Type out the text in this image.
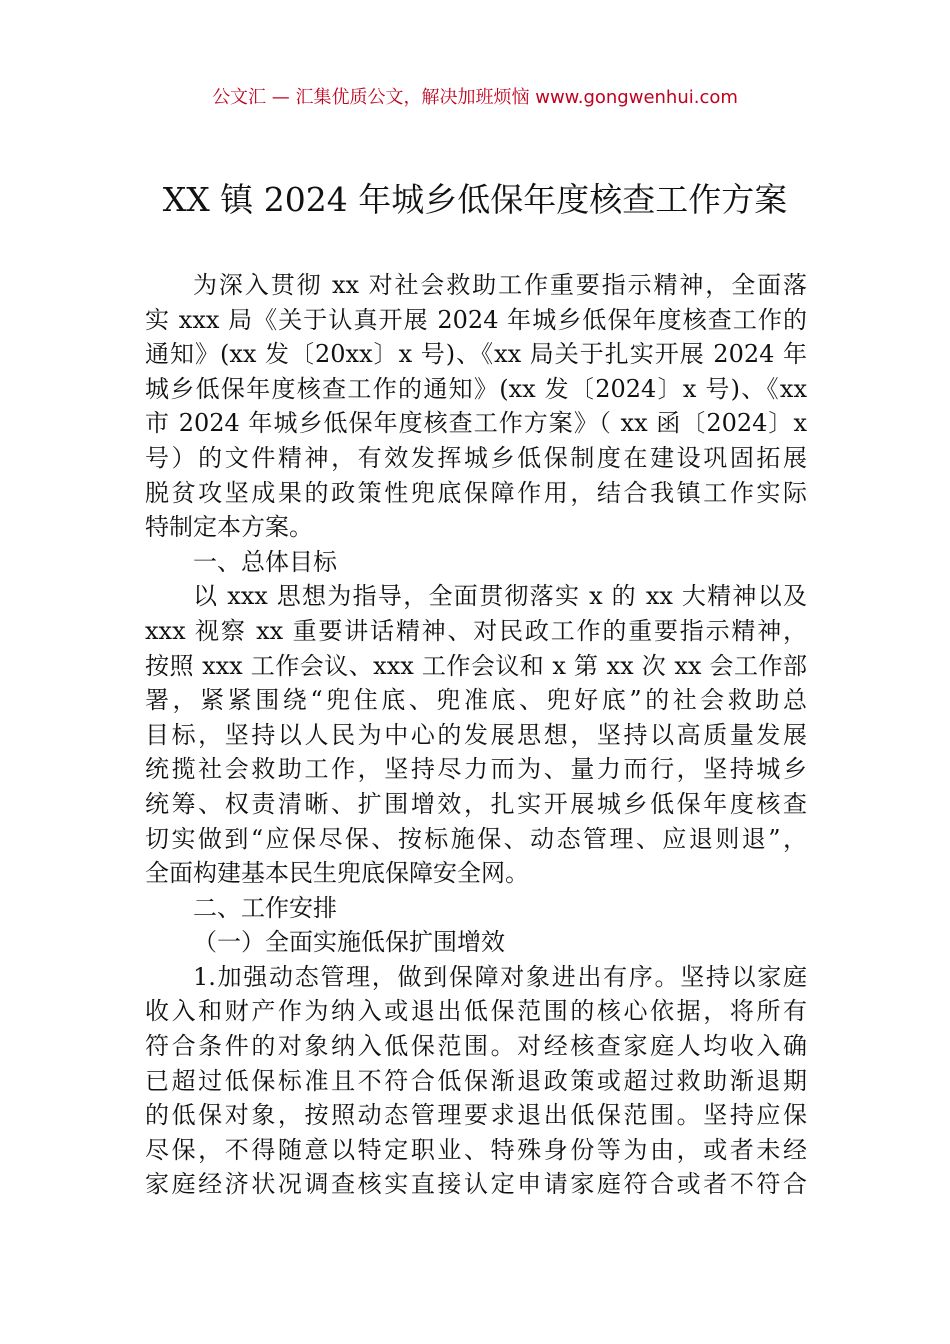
公文汇 — 汇集优质公文，解决加班烦恼 www.gongwenhui.com
XX 镇 2024 年城乡低保年度核查工作方案
为深入贯彻 xx 对社会救助工作重要指示精神，全面落
实 xxx 局《关于认真开展 2024 年城乡低保年度核查工作的
通知》(xx 发〔20xx〕x 号)、《xx 局关于扎实开展 2024 年
城乡低保年度核查工作的通知》(xx 发〔2024〕x 号)、《xx
市 2024 年城乡低保年度核查工作方案》（ xx 函〔2024〕x
号）的文件精神，有效发挥城乡低保制度在建设巩固拓展
脱贫攻坚成果的政策性兜底保障作用，结合我镇工作实际
特制定本方案。
一、总体目标
以 xxx 思想为指导，全面贯彻落实 x 的 xx 大精神以及
xxx 视察 xx 重要讲话精神、对民政工作的重要指示精神，
按照 xxx 工作会议、xxx 工作会议和 x 第 xx 次 xx 会工作部
署，紧紧围绕“兜住底、兜准底、兜好底”的社会救助总
目标，坚持以人民为中心的发展思想，坚持以高质量发展
统揽社会救助工作，坚持尽力而为、量力而行，坚持城乡
统筹、权责清晰、扩围增效，扎实开展城乡低保年度核查
切实做到“应保尽保、按标施保、动态管理、应退则退”，
全面构建基本民生兜底保障安全网。
二、工作安排
（一）全面实施低保扩围增效
1.加强动态管理，做到保障对象进出有序。坚持以家庭
收入和财产作为纳入或退出低保范围的核心依据，将所有
符合条件的对象纳入低保范围。对经核查家庭人均收入确
已超过低保标准且不符合低保渐退政策或超过救助渐退期
的低保对象，按照动态管理要求退出低保范围。坚持应保
尽保，不得随意以特定职业、特殊身份等为由，或者未经
家庭经济状况调查核实直接认定申请家庭符合或者不符合
